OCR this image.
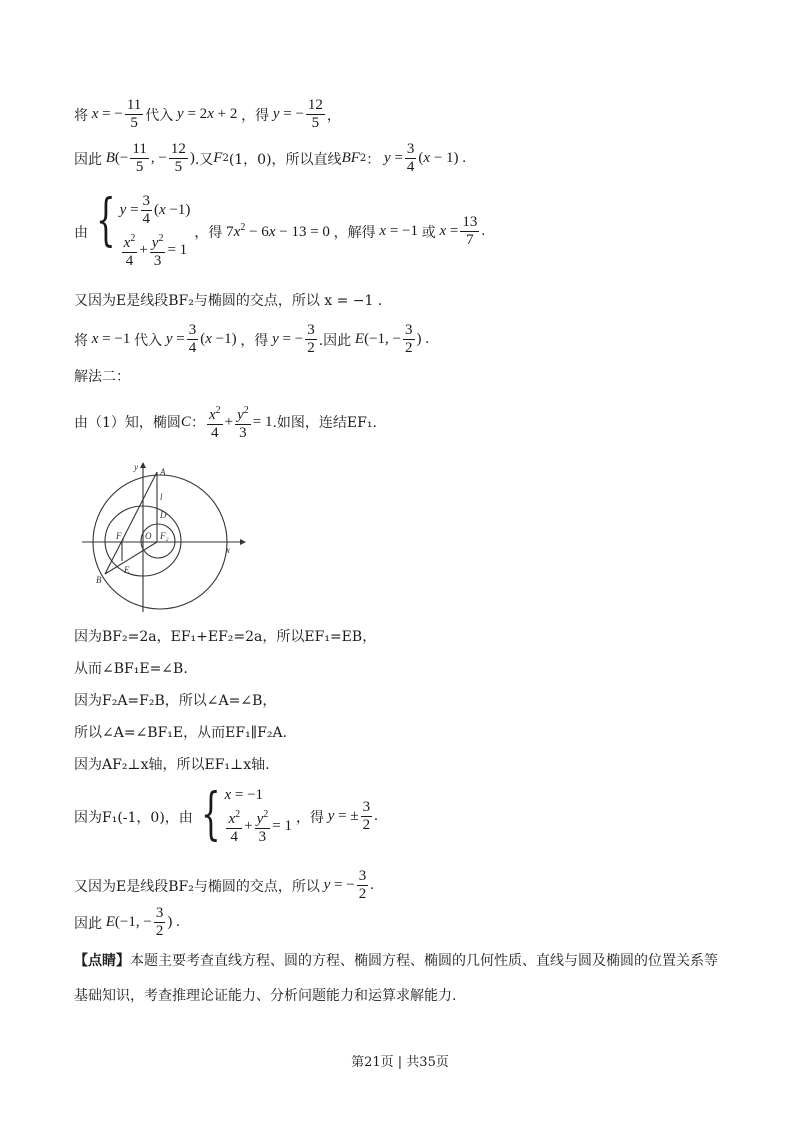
将 x = − $\frac{11}{5}$ 代入 y = 2x + 2 ，得 y = − $\frac{12}{5}$ ，
因此 $B(- \frac{11}{5}$ , − $\frac{12}{5}$ ) .又 F 2 (1，0)，所以直线 BF 2 ： $y = \frac{3}{4} (x - 1)$ .
由 { $y = \frac{3}{4} (x -1)$
$\frac{x^2}{4} + \frac{y^2}{3} = 1$
，得 $7x^2 - 6x - 13 = 0$ ，解得 x = −1 或 $x = \frac{13}{7}$ .
又因为E是线段BF₂与椭圆的交点，所以 x = −1 .
将 x = −1 代入 $y = \frac{3}{4} (x -1)$ ，得 y = − $\frac{3}{2}$ .因此 E(−1, − $\frac{3}{2}$ ) .
解法二：
由（1）知，椭圆 C ： $\frac{x^2}{4} + \frac{y^2}{3} = 1$ .如图，连结EF₁.
y A
l
D
F₁ O F₂
x
E
B
因为BF₂=2a，EF₁+EF₂=2a，所以EF₁=EB，
从而∠BF₁E=∠B.
因为F₂A=F₂B，所以∠A=∠B，
所以∠A=∠BF₁E，从而EF₁∥F₂A.
因为AF₂⊥x轴，所以EF₁⊥x轴.
因为F₁(-1，0)，由 { x = −1
$\frac{x^2}{4} + \frac{y^2}{3} = 1$ ，得 y = ± $\frac{3}{2}$ .
又因为E是线段BF₂与椭圆的交点，所以 y = − $\frac{3}{2}$ .
因此 E(−1, − $\frac{3}{2}$ ) .
【点睛】 本题主要考查直线方程、圆的方程、椭圆方程、椭圆的几何性质、直线与圆及椭圆的位置关系等
基础知识，考查推理论证能力、分析问题能力和运算求解能力.
第21页 | 共35页
